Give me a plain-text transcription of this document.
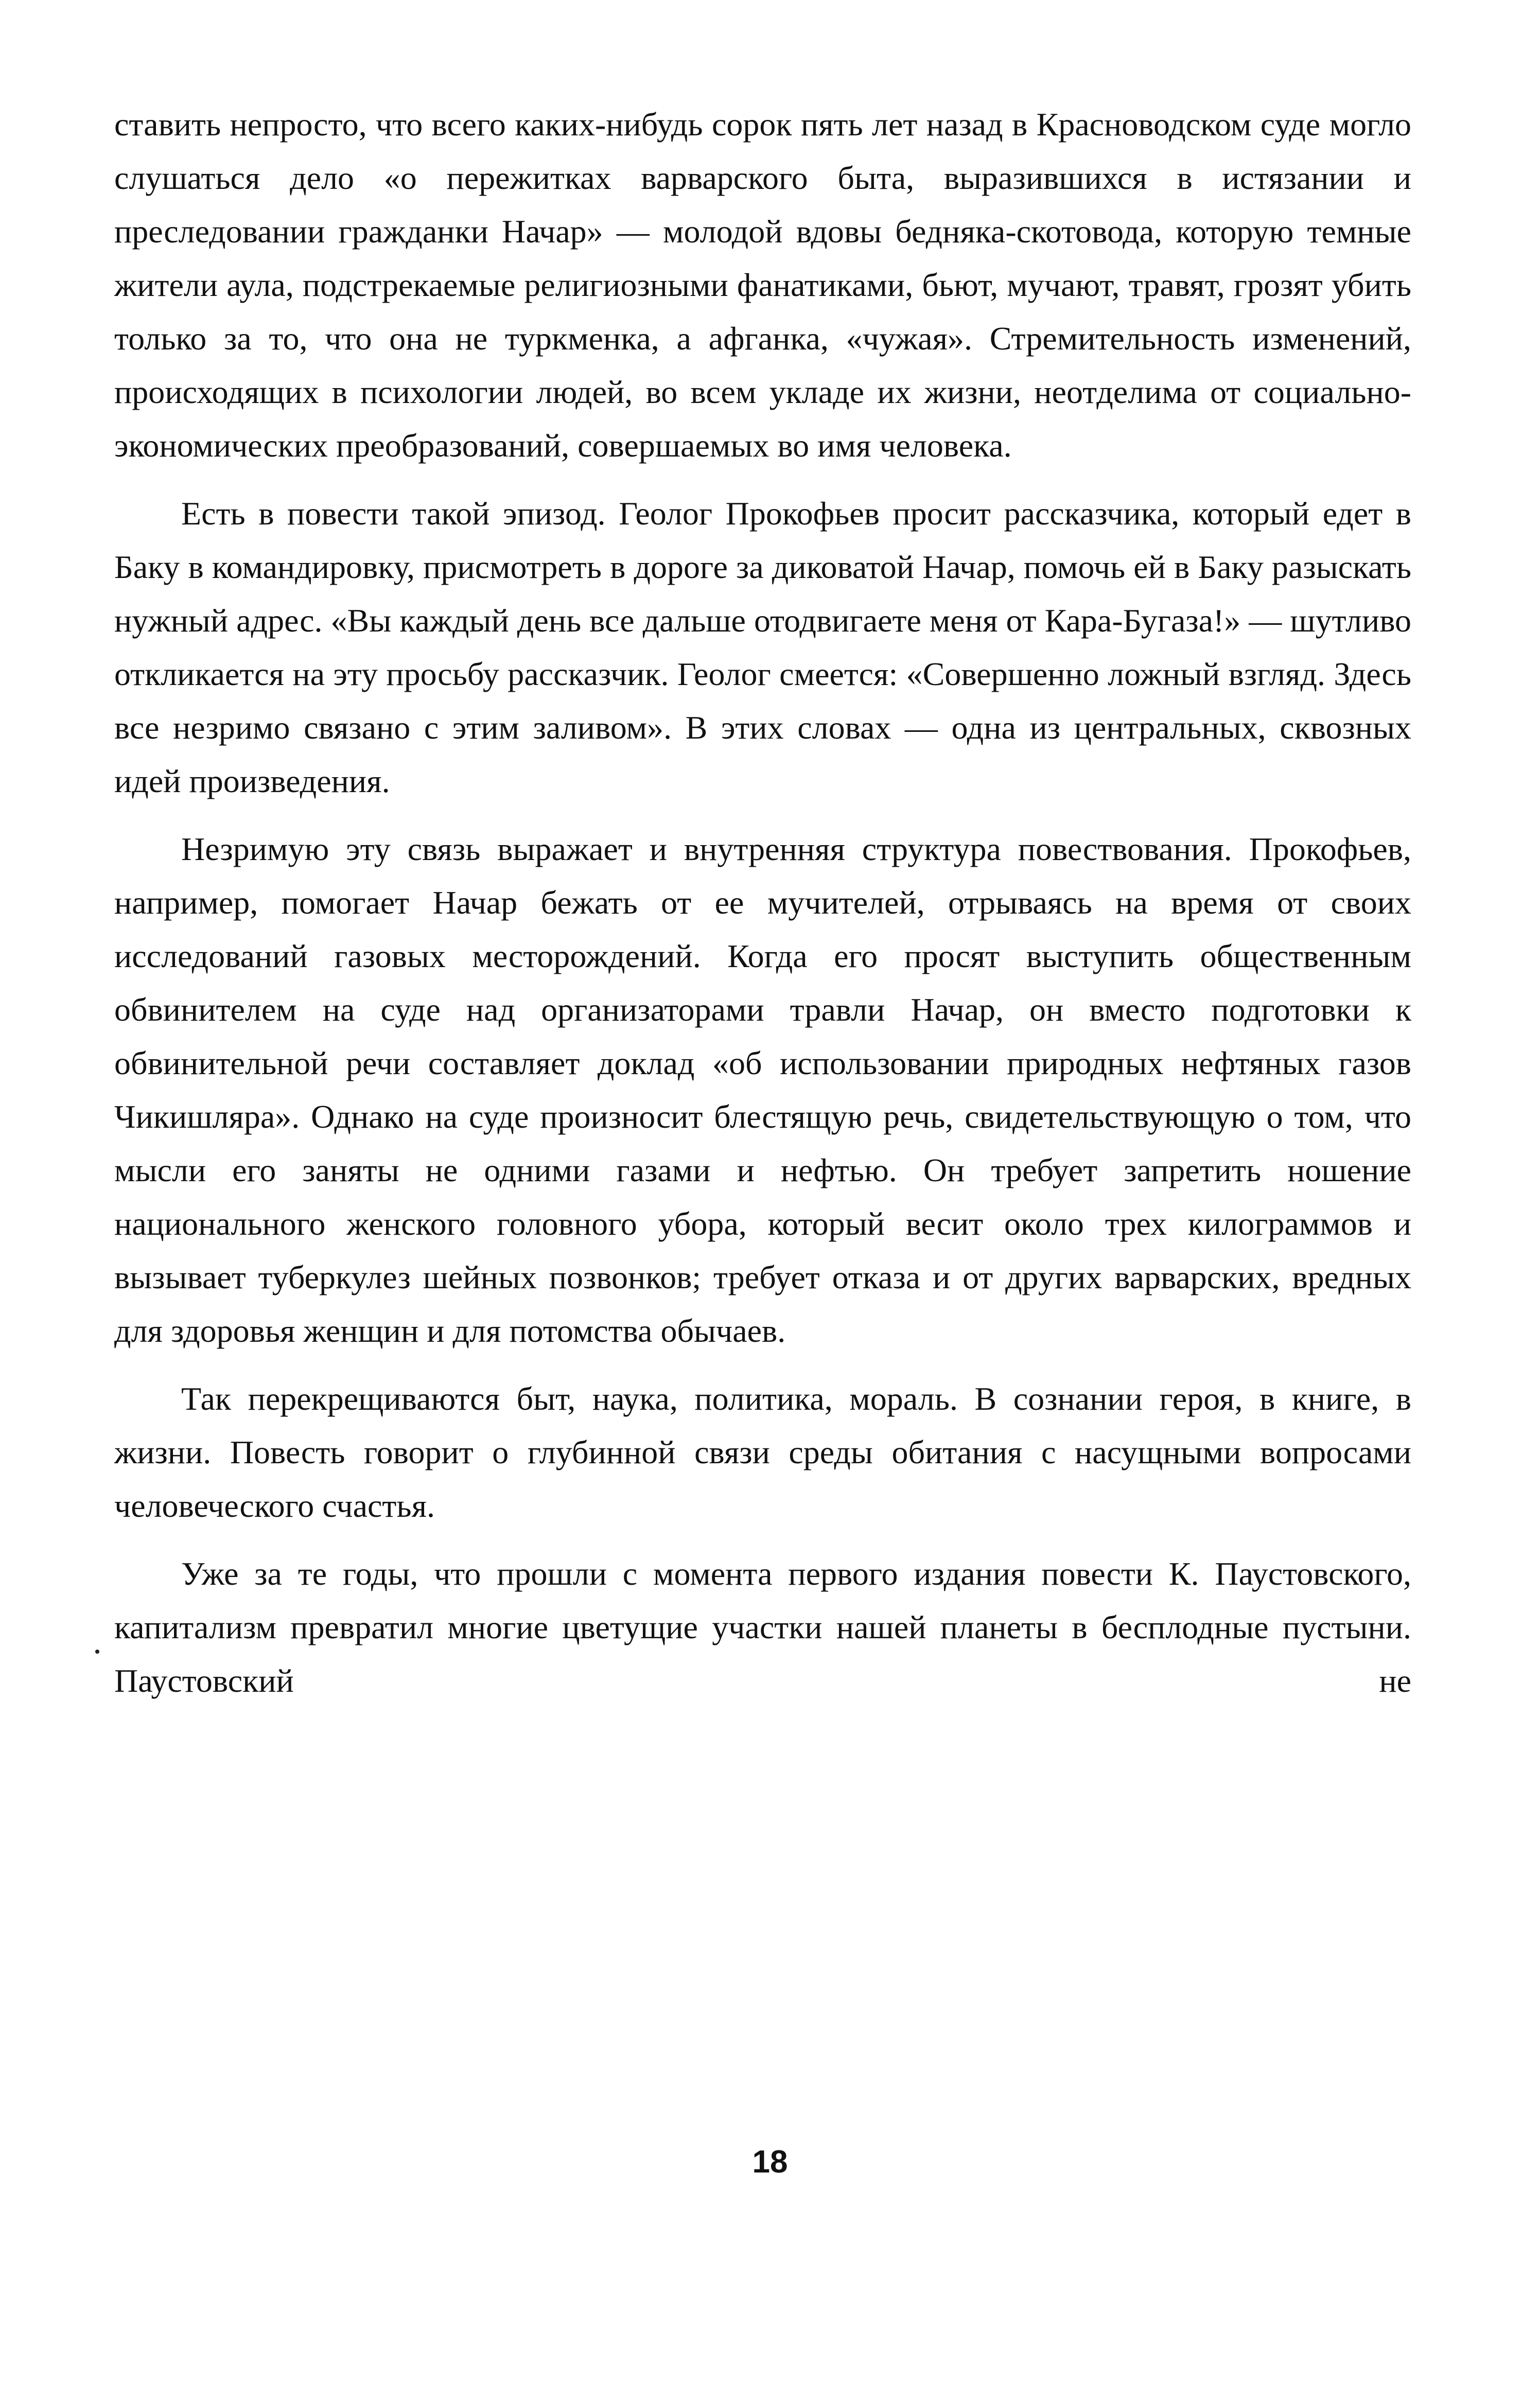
ставить непросто, что всего каких-нибудь сорок пять лет назад в Красноводском суде могло слушаться дело «о пережитках варварского быта, выразившихся в истязании и преследовании гражданки Начар» — молодой вдовы бедняка-скотовода, которую темные жители аула, подстрекаемые религиозными фанатиками, бьют, мучают, травят, грозят убить только за то, что она не туркменка, а афганка, «чужая». Стремительность изменений, происходящих в психологии людей, во всем укладе их жизни, неотделима от социально-экономических преобразований, совершаемых во имя человека.

Есть в повести такой эпизод. Геолог Прокофьев просит рассказчика, который едет в Баку в командировку, присмотреть в дороге за диковатой Начар, помочь ей в Баку разыскать нужный адрес. «Вы каждый день все дальше отодвигаете меня от Кара-Бугаза!» — шутливо откликается на эту просьбу рассказчик. Геолог смеется: «Совершенно ложный взгляд. Здесь все незримо связано с этим заливом». В этих словах — одна из центральных, сквозных идей произведения.

Незримую эту связь выражает и внутренняя структура повествования. Прокофьев, например, помогает Начар бежать от ее мучителей, отрываясь на время от своих исследований газовых месторождений. Когда его просят выступить общественным обвинителем на суде над организаторами травли Начар, он вместо подготовки к обвинительной речи составляет доклад «об использовании природных нефтяных газов Чикишляра». Однако на суде произносит блестящую речь, свидетельствующую о том, что мысли его заняты не одними газами и нефтью. Он требует запретить ношение национального женского головного убора, который весит около трех килограммов и вызывает туберкулез шейных позвонков; требует отказа и от других варварских, вредных для здоровья женщин и для потомства обычаев.

Так перекрещиваются быт, наука, политика, мораль. В сознании героя, в книге, в жизни. Повесть говорит о глубинной связи среды обитания с насущными вопросами человеческого счастья.

Уже за те годы, что прошли с момента первого издания повести К. Паустовского, капитализм превратил многие цветущие участки нашей планеты в бесплодные пустыни. Паустовский не

18
